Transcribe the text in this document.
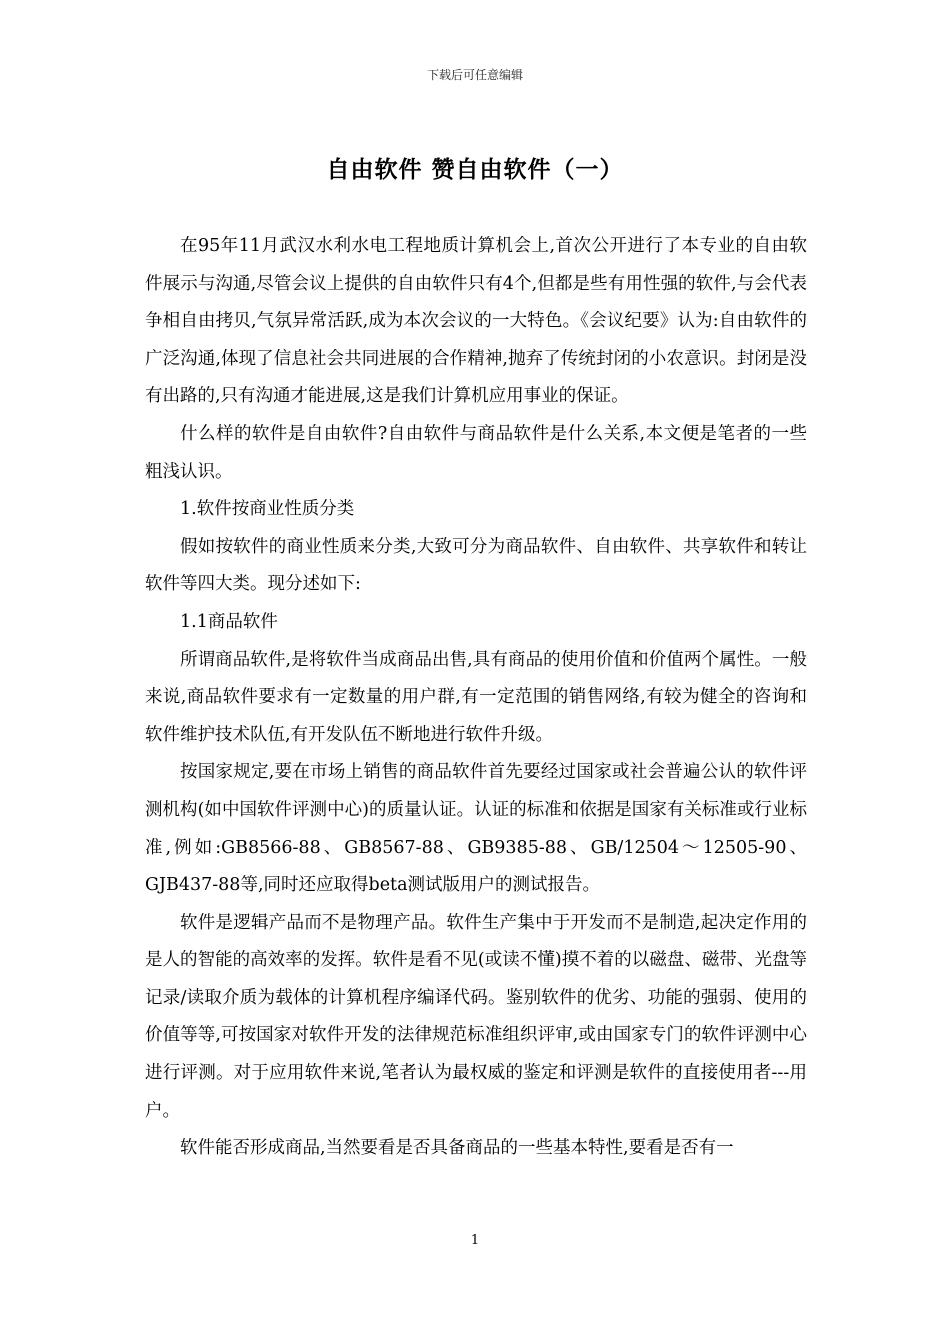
下载后可任意编辑
自由软件 赞自由软件（一）

在95年11月武汉水利水电工程地质计算机会上,首次公开进行了本专业的自由软件展示与沟通,尽管会议上提供的自由软件只有4个,但都是些有用性强的软件,与会代表争相自由拷贝,气氛异常活跃,成为本次会议的一大特色。《会议纪要》认为:自由软件的广泛沟通,体现了信息社会共同进展的合作精神,抛弃了传统封闭的小农意识。封闭是没有出路的,只有沟通才能进展,这是我们计算机应用事业的保证。

什么样的软件是自由软件?自由软件与商品软件是什么关系,本文便是笔者的一些粗浅认识。

1.软件按商业性质分类

假如按软件的商业性质来分类,大致可分为商品软件、自由软件、共享软件和转让软件等四大类。现分述如下:

1.1商品软件

所谓商品软件,是将软件当成商品出售,具有商品的使用价值和价值两个属性。一般来说,商品软件要求有一定数量的用户群,有一定范围的销售网络,有较为健全的咨询和软件维护技术队伍,有开发队伍不断地进行软件升级。

按国家规定,要在市场上销售的商品软件首先要经过国家或社会普遍公认的软件评测机构(如中国软件评测中心)的质量认证。认证的标准和依据是国家有关标准或行业标准,例如:GB8566-88、GB8567-88、GB9385-88、GB/12504～12505-90、GJB437-88等,同时还应取得beta测试版用户的测试报告。

软件是逻辑产品而不是物理产品。软件生产集中于开发而不是制造,起决定作用的是人的智能的高效率的发挥。软件是看不见(或读不懂)摸不着的以磁盘、磁带、光盘等记录/读取介质为载体的计算机程序编译代码。鉴别软件的优劣、功能的强弱、使用的价值等等,可按国家对软件开发的法律规范标准组织评审,或由国家专门的软件评测中心进行评测。对于应用软件来说,笔者认为最权威的鉴定和评测是软件的直接使用者---用户。

软件能否形成商品,当然要看是否具备商品的一些基本特性,要看是否有一

1
